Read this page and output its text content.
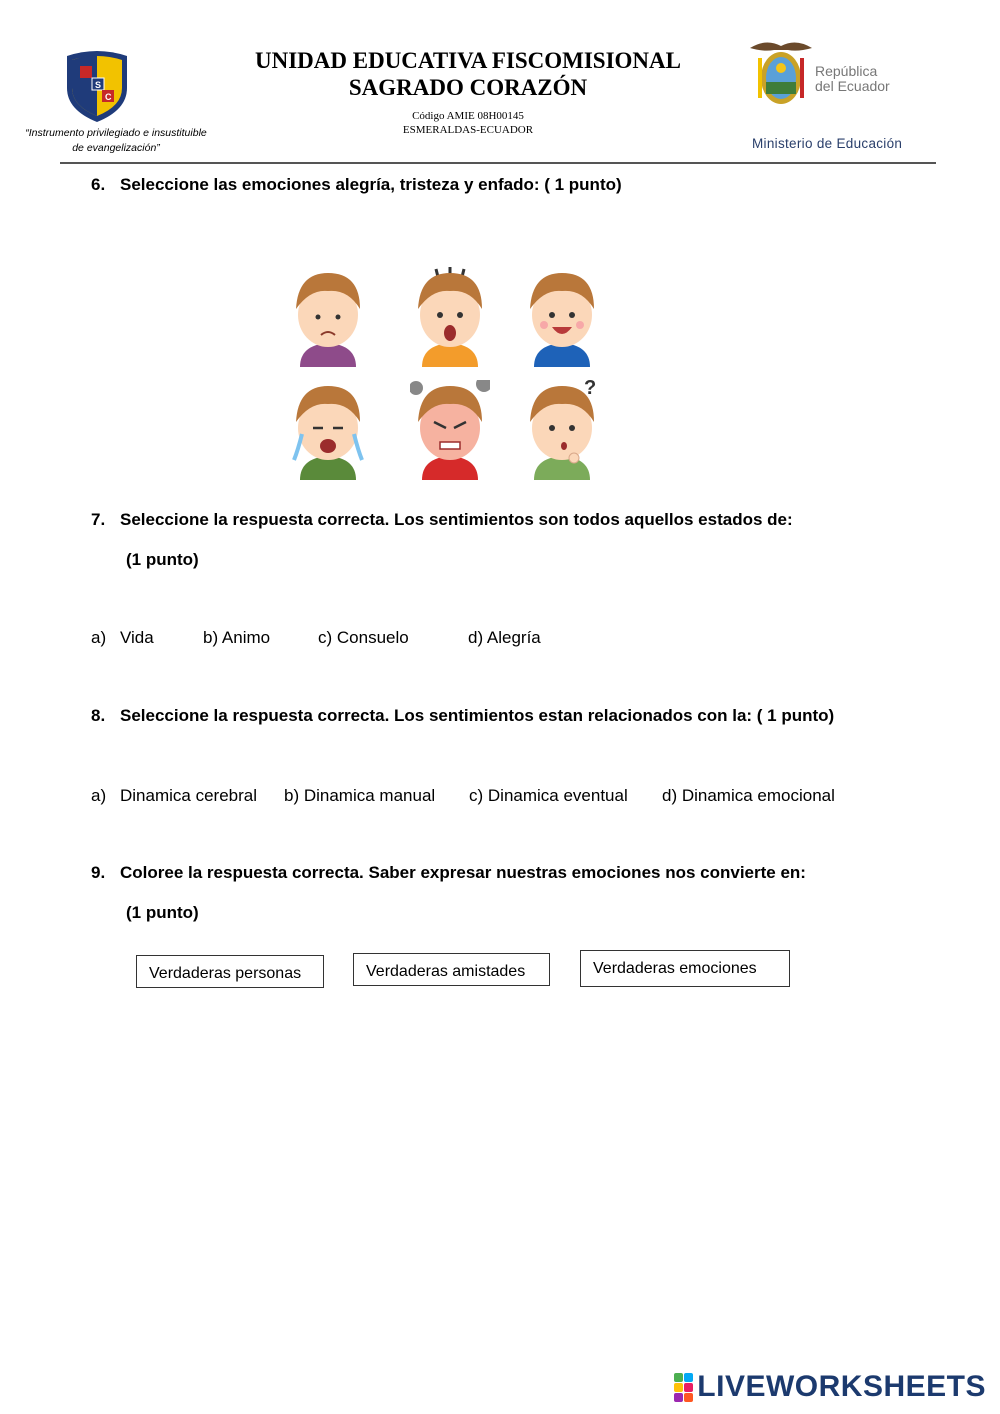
S
C
“Instrumento privilegiado e insustituible
de evangelización”
UNIDAD EDUCATIVA FISCOMISIONAL
SAGRADO CORAZÓN
Código AMIE 08H00145
ESMERALDAS-ECUADOR
República
del Ecuador
Ministerio de Educación
6. Seleccione las emociones alegría, tristeza y enfado: ( 1 punto)
?
7. Seleccione la respuesta correcta. Los sentimientos son todos aquellos estados de:
(1 punto)
a) Vida	b) Animo	c) Consuelo	d) Alegría
8. Seleccione la respuesta correcta. Los sentimientos estan relacionados con la: ( 1 punto)
a) Dinamica cerebral b) Dinamica manual c) Dinamica eventual d) Dinamica emocional
9. Coloree la respuesta correcta. Saber expresar nuestras emociones nos convierte en:
(1 punto)
Verdaderas personas	Verdaderas amistades	Verdaderas emociones
LIVEWORKSHEETS
